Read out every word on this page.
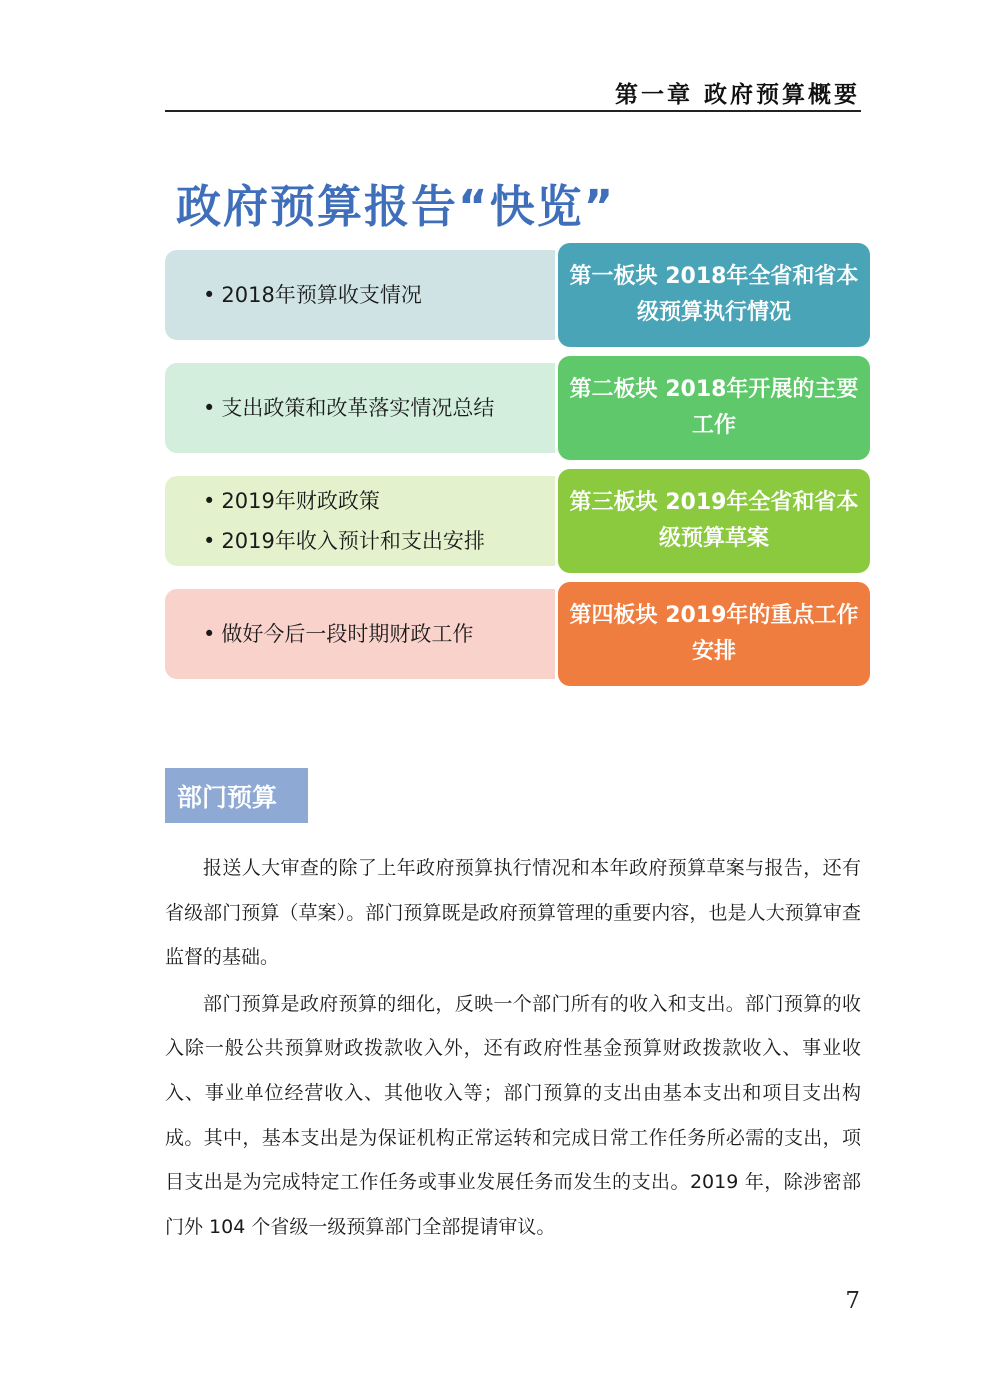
第一章 政府预算概要
政府预算报告“快览”
• 2018年预算收支情况
第一板块 2018年全省和省本级预算执行情况
• 支出政策和改革落实情况总结
第二板块 2018年开展的主要工作
• 2019年财政政策
• 2019年收入预计和支出安排
第三板块 2019年全省和省本级预算草案
• 做好今后一段时期财政工作
第四板块 2019年的重点工作安排
部门预算

报送人大审查的除了上年政府预算执行情况和本年政府预算草案与报告，还有省级部门预算（草案）。部门预算既是政府预算管理的重要内容，也是人大预算审查监督的基础。

部门预算是政府预算的细化，反映一个部门所有的收入和支出。部门预算的收入除一般公共预算财政拨款收入外，还有政府性基金预算财政拨款收入、事业收入、事业单位经营收入、其他收入等；部门预算的支出由基本支出和项目支出构成。其中，基本支出是为保证机构正常运转和完成日常工作任务所必需的支出，项目支出是为完成特定工作任务或事业发展任务而发生的支出。2019 年，除涉密部门外 104 个省级一级预算部门全部提请审议。

7
